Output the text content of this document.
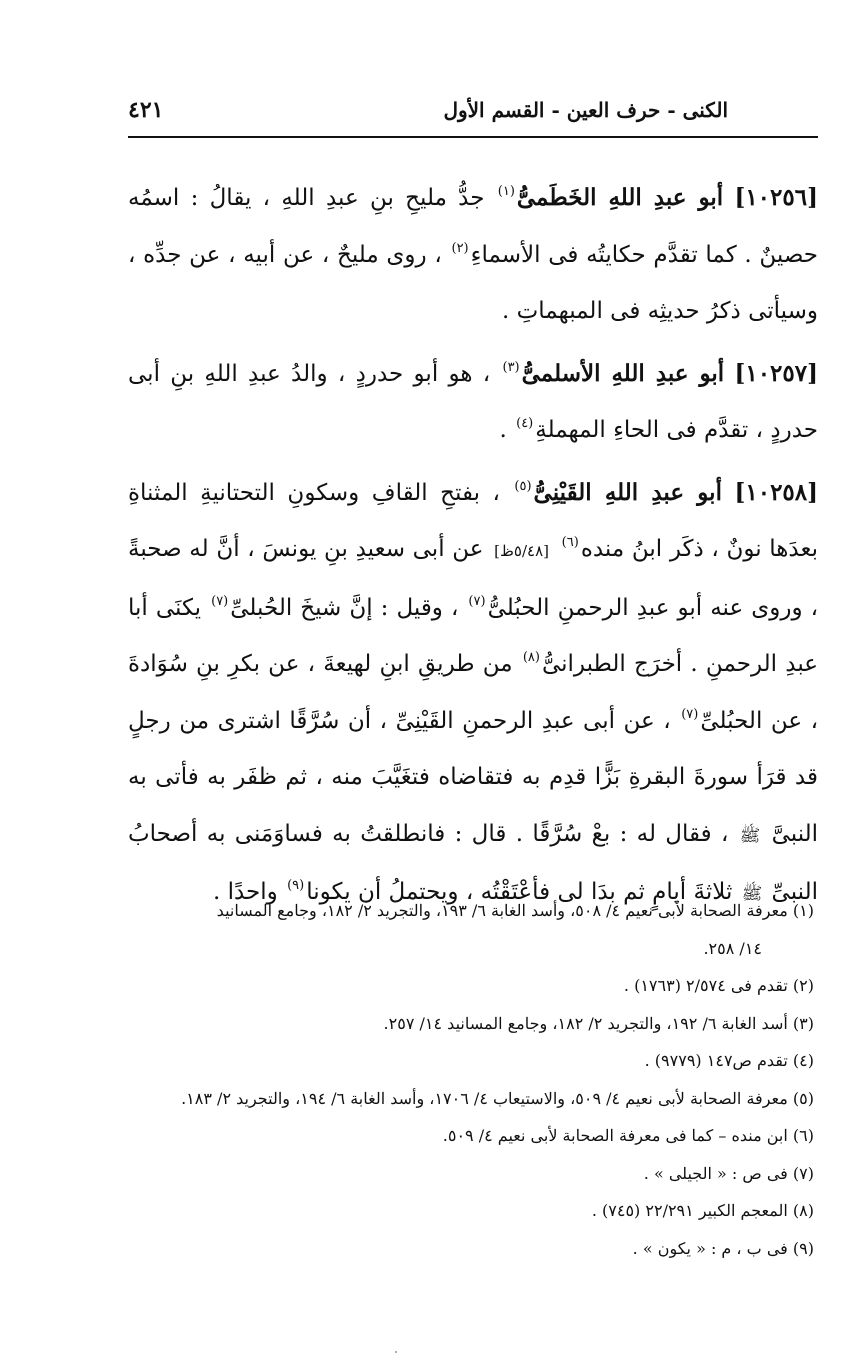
الكنى - حرف العين - القسم الأول
٤٢١

[١٠٢٥٦] أبو عبدِ اللهِ الخَطَمىُّ$^{(١)}$ جدُّ مليحِ بنِ عبدِ اللهِ ، يقالُ : اسمُه حصينٌ . كما تقدَّم حكايتُه فى الأسماءِ$^{(٢)}$ ، روى مليحٌ ، عن أبيه ، عن جدِّه ، وسيأتى ذكرُ حديثِه فى المبهماتِ .

[١٠٢٥٧] أبو عبدِ اللهِ الأسلمىُّ$^{(٣)}$ ، هو أبو حدردٍ ، والدُ عبدِ اللهِ بنِ أبى حدردٍ ، تقدَّم فى الحاءِ المهملةِ$^{(٤)}$ .

[١٠٢٥٨] أبو عبدِ اللهِ القَيْنِىُّ$^{(٥)}$ ، بفتحِ القافِ وسكونِ التحتانيةِ المثناةِ بعدَها نونٌ ، ذكَر ابنُ منده$^{(٦)}$ [٥/٤٨ظ] عن أبى سعيدِ بنِ يونسَ ، أنَّ له صحبةً ، وروى عنه أبو عبدِ الرحمنِ الحبُلىُّ$^{(٧)}$ ، وقيل : إنَّ شيخَ الحُبلىِّ$^{(٧)}$ يكنَى أبا عبدِ الرحمنِ . أخرَج الطبرانىُّ$^{(٨)}$ من طريقِ ابنِ لهيعةَ ، عن بكرِ بنِ سُوَادةَ ، عن الحبُلىِّ$^{(٧)}$ ، عن أبى عبدِ الرحمنِ القَيْنِىِّ ، أن سُرَّقًا اشترى من رجلٍ قد قرَأ سورةَ البقرةِ بَزًّا قدِم به فتقاضاه فتغَيَّبَ منه ، ثم ظفَر به فأتى به النبىَّ ﷺ ، فقال له : بعْ سُرَّقًا . قال : فانطلقتُ به فساوَمَنى به أصحابُ النبىِّ ﷺ ثلاثةَ أيامٍ ثم بدَا لى فأعْتَقْتُه ، ويحتملُ أن يكونا$^{(٩)}$ واحدًا .

(١) معرفة الصحابة لأبى نعيم ٤/ ٥٠٨، وأسد الغابة ٦/ ١٩٣، والتجريد ٢/ ١٨٢، وجامع المسانيد
١٤/ ٢٥٨.

(٢) تقدم فى ٢/٥٧٤ (١٧٦٣) .

(٣) أسد الغابة ٦/ ١٩٢، والتجريد ٢/ ١٨٢، وجامع المسانيد ١٤/ ٢٥٧.

(٤) تقدم ص١٤٧ (٩٧٧٩) .

(٥) معرفة الصحابة لأبى نعيم ٤/ ٥٠٩، والاستيعاب ٤/ ١٧٠٦، وأسد الغابة ٦/ ١٩٤، والتجريد ٢/ ١٨٣.

(٦) ابن منده – كما فى معرفة الصحابة لأبى نعيم ٤/ ٥٠٩.

(٧) فى ص : « الجيلى » .

(٨) المعجم الكبير ٢٢/٢٩١ (٧٤٥) .

(٩) فى ب ، م : « يكون » .
